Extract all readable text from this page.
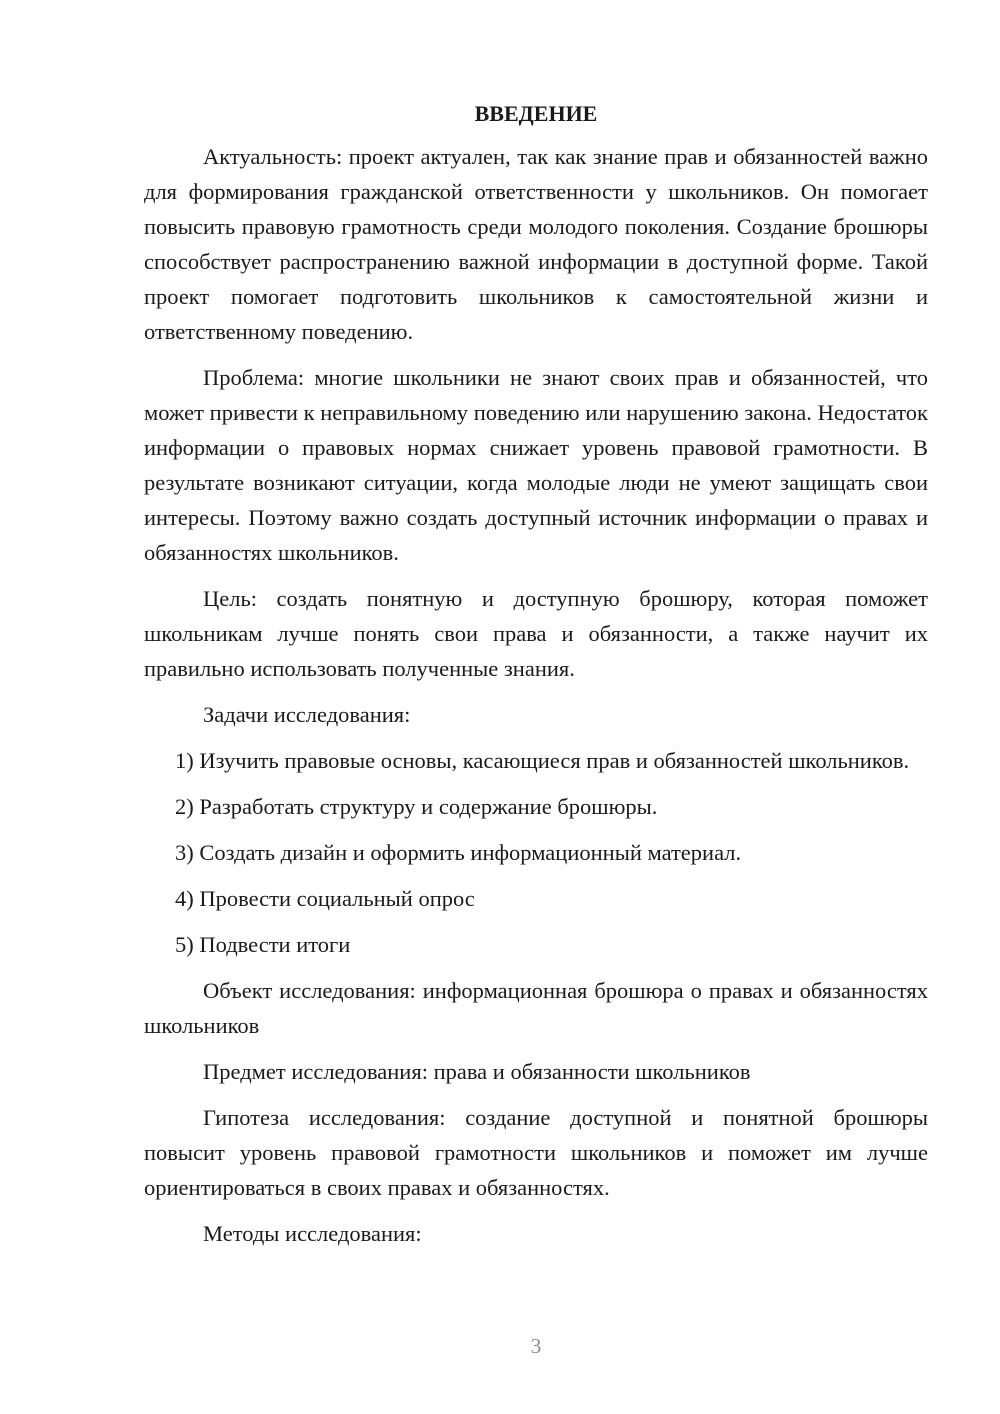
ВВЕДЕНИЕ

Актуальность: проект актуален, так как знание прав и обязанностей важно для формирования гражданской ответственности у школьников. Он помогает повысить правовую грамотность среди молодого поколения. Создание брошюры способствует распространению важной информации в доступной форме. Такой проект помогает подготовить школьников к самостоятельной жизни и ответственному поведению.

Проблема: многие школьники не знают своих прав и обязанностей, что может привести к неправильному поведению или нарушению закона. Недостаток информации о правовых нормах снижает уровень правовой грамотности. В результате возникают ситуации, когда молодые люди не умеют защищать свои интересы. Поэтому важно создать доступный источник информации о правах и обязанностях школьников.

Цель: создать понятную и доступную брошюру, которая поможет школьникам лучше понять свои права и обязанности, а также научит их правильно использовать полученные знания.

Задачи исследования:

1) Изучить правовые основы, касающиеся прав и обязанностей школьников.

2) Разработать структуру и содержание брошюры.

3) Создать дизайн и оформить информационный материал.

4) Провести социальный опрос

5) Подвести итоги

Объект исследования: информационная брошюра о правах и обязанностях школьников

Предмет исследования: права и обязанности школьников

Гипотеза исследования: создание доступной и понятной брошюры повысит уровень правовой грамотности школьников и поможет им лучше ориентироваться в своих правах и обязанностях.

Методы исследования:

3
